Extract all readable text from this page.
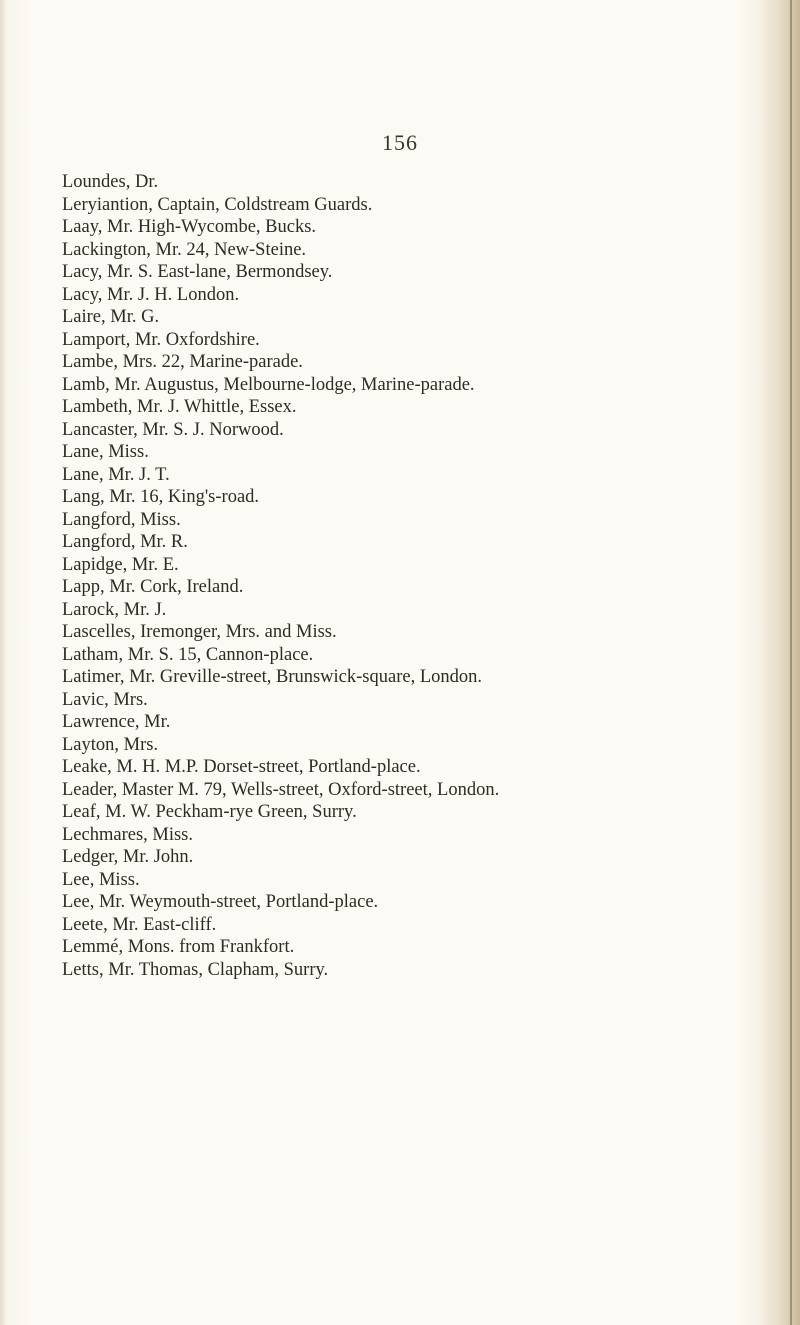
156
Loundes, Dr.
Leryiantion, Captain, Coldstream Guards.
Laay, Mr. High-Wycombe, Bucks.
Lackington, Mr. 24, New-Steine.
Lacy, Mr. S. East-lane, Bermondsey.
Lacy, Mr. J. H. London.
Laire, Mr. G.
Lamport, Mr. Oxfordshire.
Lambe, Mrs. 22, Marine-parade.
Lamb, Mr. Augustus, Melbourne-lodge, Marine-parade.
Lambeth, Mr. J. Whittle, Essex.
Lancaster, Mr. S. J. Norwood.
Lane, Miss.
Lane, Mr. J. T.
Lang, Mr. 16, King's-road.
Langford, Miss.
Langford, Mr. R.
Lapidge, Mr. E.
Lapp, Mr. Cork, Ireland.
Larock, Mr. J.
Lascelles, Iremonger, Mrs. and Miss.
Latham, Mr. S. 15, Cannon-place.
Latimer, Mr. Greville-street, Brunswick-square, London.
Lavic, Mrs.
Lawrence, Mr.
Layton, Mrs.
Leake, M. H. M.P. Dorset-street, Portland-place.
Leader, Master M. 79, Wells-street, Oxford-street, London.
Leaf, M. W. Peckham-rye Green, Surry.
Lechmares, Miss.
Ledger, Mr. John.
Lee, Miss.
Lee, Mr. Weymouth-street, Portland-place.
Leete, Mr. East-cliff.
Lemmé, Mons. from Frankfort.
Letts, Mr. Thomas, Clapham, Surry.
